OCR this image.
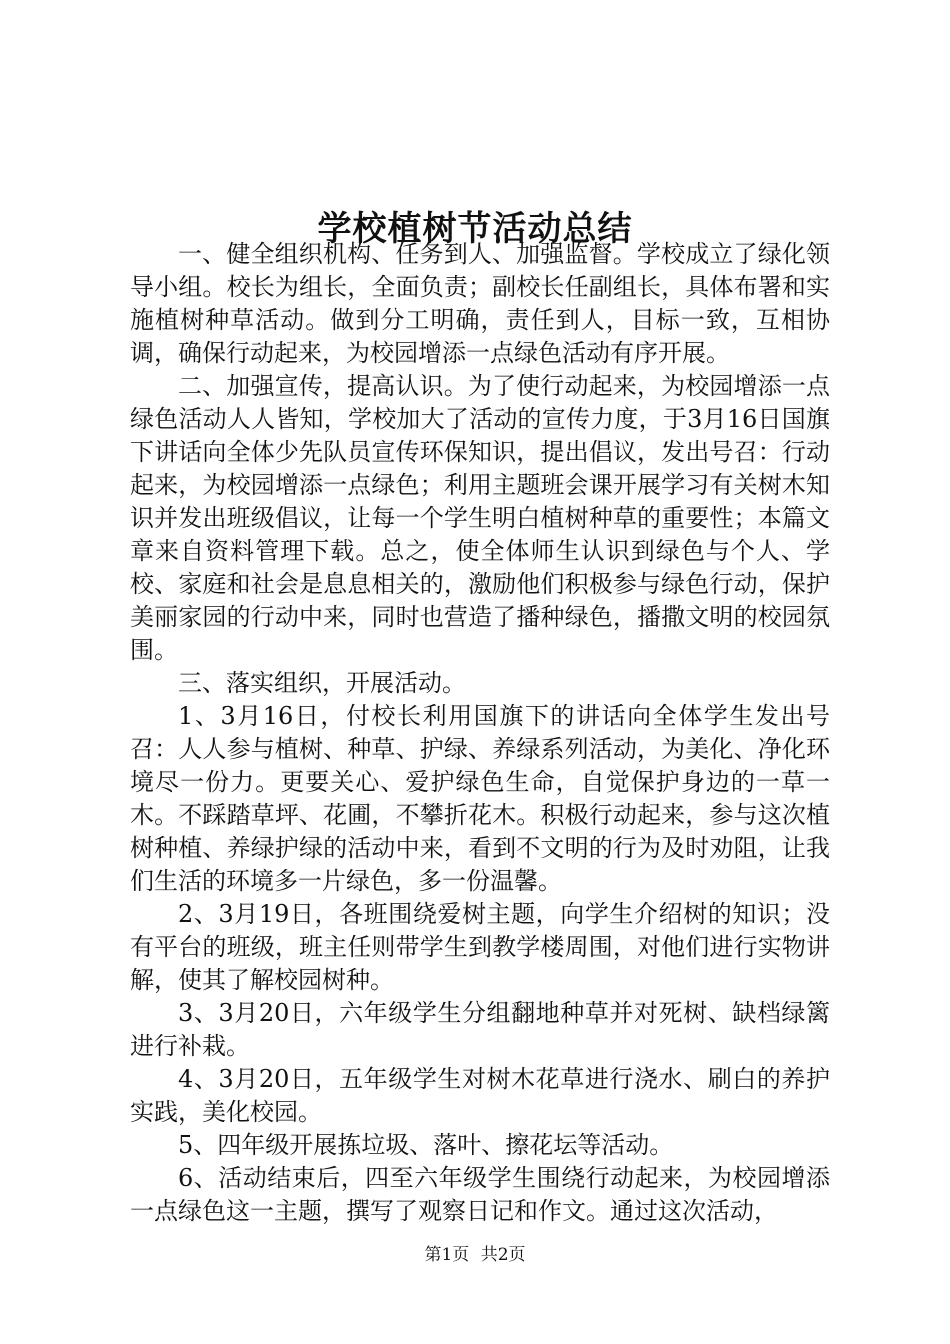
学校植树节活动总结

一、健全组织机构、任务到人、加强监督。学校成立了绿化领导小组。校长为组长，全面负责；副校长任副组长，具体布署和实施植树种草活动。做到分工明确，责任到人，目标一致，互相协调，确保行动起来，为校园增添一点绿色活动有序开展。

二、加强宣传，提高认识。为了使行动起来，为校园增添一点绿色活动人人皆知，学校加大了活动的宣传力度，于3月16日国旗下讲话向全体少先队员宣传环保知识，提出倡议，发出号召：行动起来，为校园增添一点绿色；利用主题班会课开展学习有关树木知识并发出班级倡议，让每一个学生明白植树种草的重要性；本篇文章来自资料管理下载。总之，使全体师生认识到绿色与个人、学校、家庭和社会是息息相关的，激励他们积极参与绿色行动，保护美丽家园的行动中来，同时也营造了播种绿色，播撒文明的校园氛围。

三、落实组织，开展活动。

1、3月16日，付校长利用国旗下的讲话向全体学生发出号召：人人参与植树、种草、护绿、养绿系列活动，为美化、净化环境尽一份力。更要关心、爱护绿色生命，自觉保护身边的一草一木。不踩踏草坪、花圃，不攀折花木。积极行动起来，参与这次植树种植、养绿护绿的活动中来，看到不文明的行为及时劝阻，让我们生活的环境多一片绿色，多一份温馨。

2、3月19日，各班围绕爱树主题，向学生介绍树的知识；没有平台的班级，班主任则带学生到教学楼周围，对他们进行实物讲解，使其了解校园树种。

3、3月20日，六年级学生分组翻地种草并对死树、缺档绿篱进行补栽。

4、3月20日，五年级学生对树木花草进行浇水、刷白的养护实践，美化校园。

5、四年级开展拣垃圾、落叶、擦花坛等活动。

6、活动结束后，四至六年级学生围绕行动起来，为校园增添一点绿色这一主题，撰写了观察日记和作文。通过这次活动，

第1页 共2页
